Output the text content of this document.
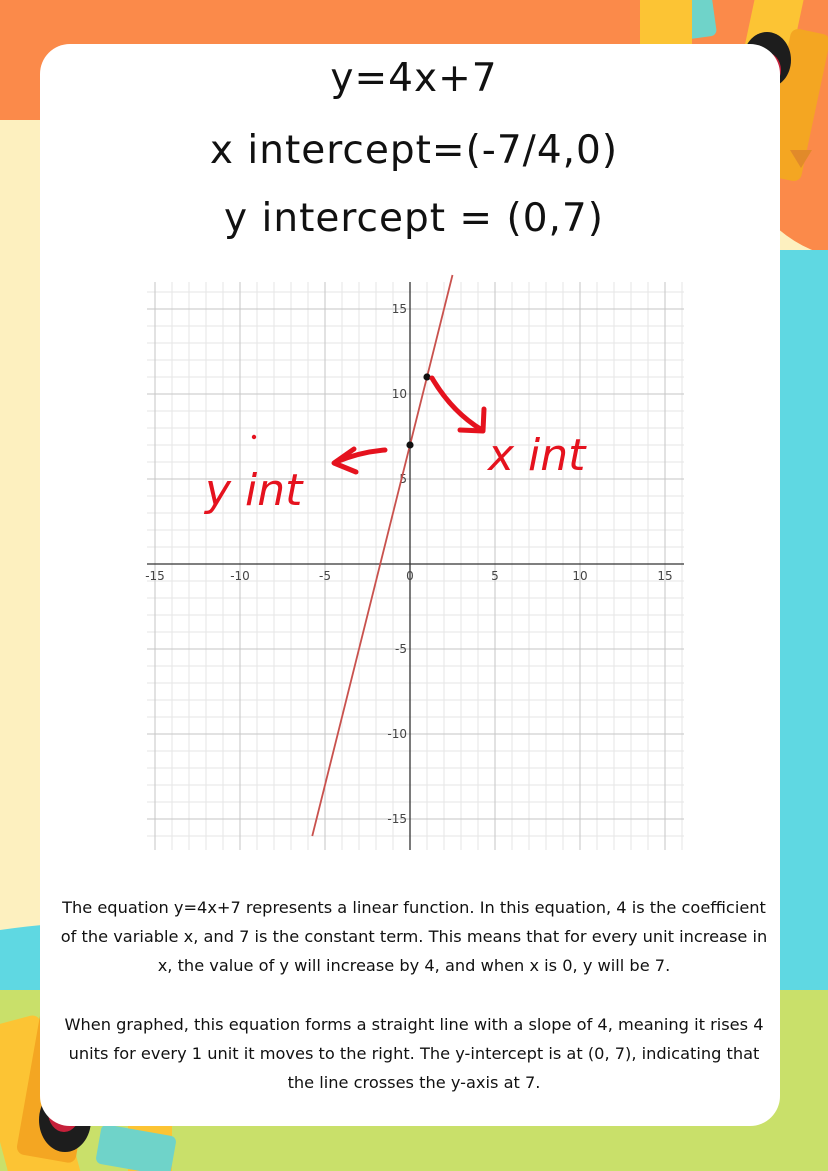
y=4x+7
x intercept=(-7/4,0)
y intercept = (0,7)
-15	-10	-5	0	5	10	15
15
10
5
-5
-10
-15
y int
x int

The equation y=4x+7 represents a linear function. In this equation, 4 is the coefficient
of the variable x, and 7 is the constant term. This means that for every unit increase in
x, the value of y will increase by 4, and when x is 0, y will be 7.

When graphed, this equation forms a straight line with a slope of 4, meaning it rises 4
units for every 1 unit it moves to the right. The y-intercept is at (0, 7), indicating that
the line crosses the y-axis at 7.
